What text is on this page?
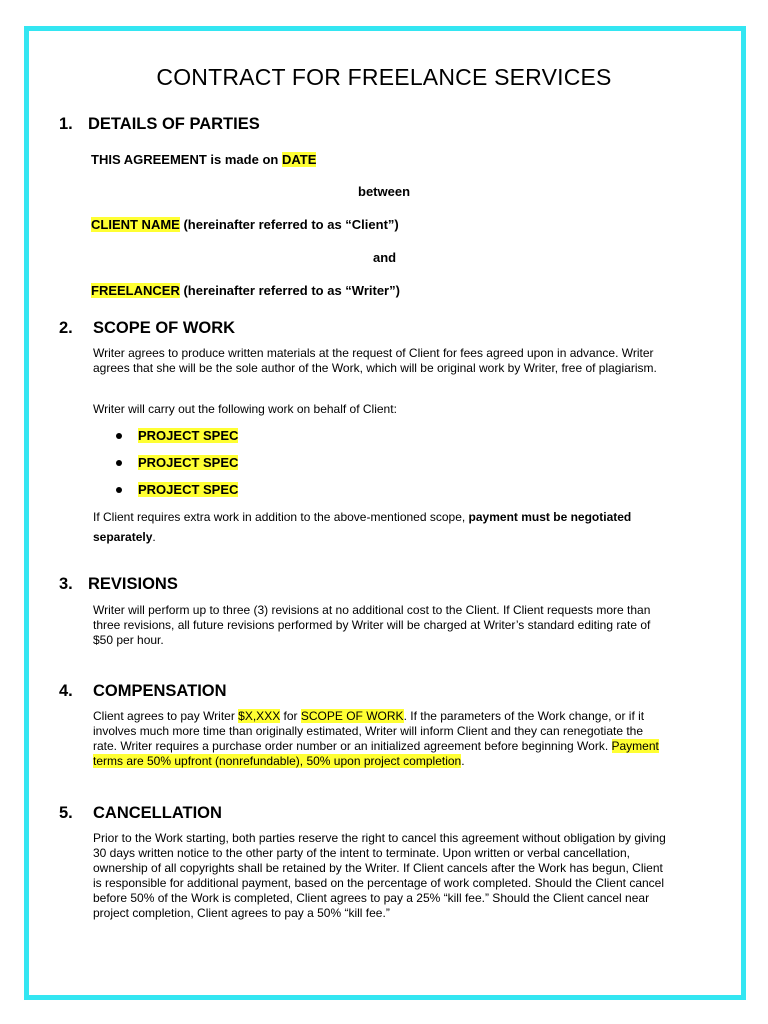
CONTRACT FOR FREELANCE SERVICES
1. DETAILS OF PARTIES
THIS AGREEMENT is made on DATE
between
CLIENT NAME (hereinafter referred to as “Client”)
and
FREELANCER (hereinafter referred to as “Writer”)
2. SCOPE OF WORK
Writer agrees to produce written materials at the request of Client for fees agreed upon in advance. Writer agrees that she will be the sole author of the Work, which will be original work by Writer, free of plagiarism.
Writer will carry out the following work on behalf of Client:
PROJECT SPEC
PROJECT SPEC
PROJECT SPEC
If Client requires extra work in addition to the above-mentioned scope, payment must be negotiated
separately.
3. REVISIONS
Writer will perform up to three (3) revisions at no additional cost to the Client. If Client requests more than three revisions, all future revisions performed by Writer will be charged at Writer’s standard editing rate of $50 per hour.
4. COMPENSATION
Client agrees to pay Writer $X,XXX for SCOPE OF WORK. If the parameters of the Work change, or if it involves much more time than originally estimated, Writer will inform Client and they can renegotiate the rate. Writer requires a purchase order number or an initialized agreement before beginning Work. Payment terms are 50% upfront (nonrefundable), 50% upon project completion.
5. CANCELLATION
Prior to the Work starting, both parties reserve the right to cancel this agreement without obligation by giving 30 days written notice to the other party of the intent to terminate. Upon written or verbal cancellation, ownership of all copyrights shall be retained by the Writer. If Client cancels after the Work has begun, Client is responsible for additional payment, based on the percentage of work completed. Should the Client cancel before 50% of the Work is completed, Client agrees to pay a 25% “kill fee.” Should the Client cancel near project completion, Client agrees to pay a 50% “kill fee.”
